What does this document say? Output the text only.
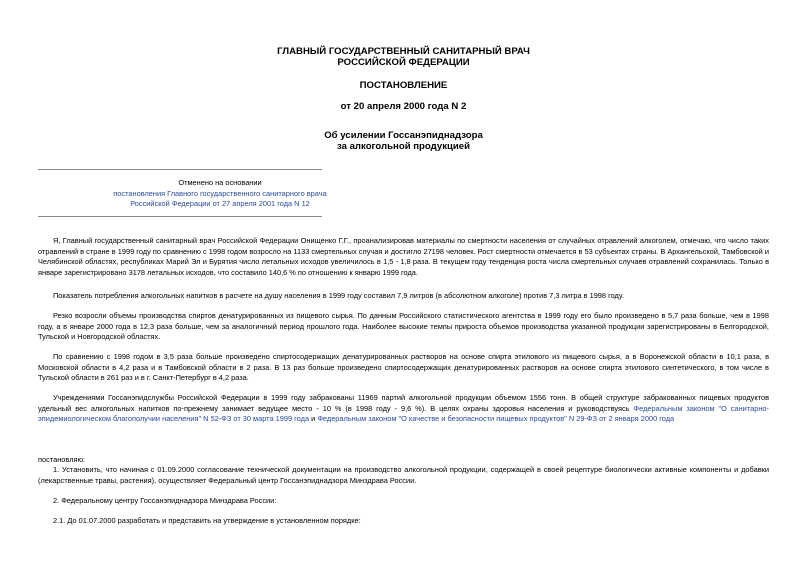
ГЛАВНЫЙ ГОСУДАРСТВЕННЫЙ САНИТАРНЫЙ ВРАЧ
РОССИЙСКОЙ ФЕДЕРАЦИИ
ПОСТАНОВЛЕНИЕ
от 20 апреля 2000 года N 2
Об усилении Госсанэпиднадзора
за алкогольной продукцией
Отменено на основании
постановления Главного государственного санитарного врача
Российской Федерации от 27 апреля 2001 года N 12
Я, Главный государственный санитарный врач Российской Федерации Онищенко Г.Г., проанализировав материалы по смертности населения от случайных отравлений алкоголем, отмечаю, что число таких отравлений в стране в 1999 году по сравнению с 1998 годом возросло на 1133 смертельных случая и достигло 27198 человек. Рост смертности отмечается в 53 субъектах страны. В Архангельской, Тамбовской и Челябинской областях, республиках Марий Эл и Бурятия число летальных исходов увеличилось в 1,5 - 1,8 раза. В текущем году тенденция роста числа смертельных случаев отравлений сохранилась. Только в январе зарегистрировано 3178 летальных исходов, что составило 140,6 % по отношению к январю 1999 года.
Показатель потребления алкогольных напитков в расчете на душу населения в 1999 году составил 7,9 литров (в абсолютном алкоголе) против 7,3 литра в 1998 году.
Резко возросли объемы производства спиртов денатурированных из пищевого сырья. По данным Российского статистического агентства в 1999 году его было произведено в 5,7 раза больше, чем в 1998 году, а в январе 2000 года в 12,3 раза больше, чем за аналогичный период прошлого года. Наиболее высокие темпы прироста объемов производства указанной продукции зарегистрированы в Белгородской, Тульской и Новгородской областях.
По сравнению с 1998 годом в 3,5 раза больше произведено спиртосодержащих денатурированных растворов на основе спирта этилового из пищевого сырья, а в Воронежской области в 10,1 раза, в Московской области в 4,2 раза и в Тамбовской области в 2 раза. В 13 раз больше произведено спиртосодержащих денатурированных растворов на основе спирта этилового синтетического, в том числе в Тульской области в 261 раз и в г. Санкт-Петербург в 4,2 раза.
Учреждениями Госсанэпидслужбы Российской Федерации в 1999 году забракованы 11969 партий алкогольной продукции объемом 1556 тонн. В общей структуре забракованных пищевых продуктов удельный вес алкогольных напитков по-прежнему занимает ведущее место - 10 % (в 1998 году - 9,6 %). В целях охраны здоровья населения и руководствуясь Федеральным законом "О санитарно-эпидемиологическом благополучии населения" N 52-ФЗ от 30 марта 1999 года и Федеральным законом "О качестве и безопасности пищевых продуктов" N 29-ФЗ от 2 января 2000 года
постановляю:
1. Установить, что начиная с 01.09.2000 согласование технической документации на производство алкогольной продукции, содержащей в своей рецептуре биологически активные компоненты и добавки (лекарственные травы, растения), осуществляет Федеральный центр Госсанэпиднадзора Минздрава России.
2. Федеральному центру Госсанэпиднадзора Минздрава России:
2.1. До 01.07.2000 разработать и представить на утверждение в установленном порядке:
